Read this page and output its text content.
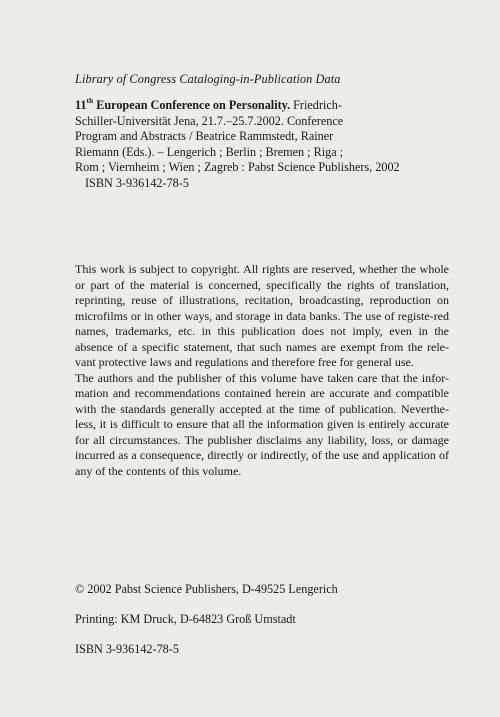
Library of Congress Cataloging-in-Publication Data
11th European Conference on Personality. Friedrich-
Schiller-Universität Jena, 21.7.–25.7.2002. Conference
Program and Abstracts / Beatrice Rammstedt, Rainer
Riemann (Eds.). – Lengerich ; Berlin ; Bremen ; Riga ;
Rom ; Viernheim ; Wien ; Zagreb : Pabst Science Publishers, 2002
ISBN 3-936142-78-5

This work is subject to copyright. All rights are reserved, whether the whole or part of the material is concerned, specifically the rights of translation, reprinting, reuse of illustrations, recitation, broadcasting, reproduction on microfilms or in other ways, and storage in data banks. The use of registe-red names, trademarks, etc. in this publication does not imply, even in the absence of a specific statement, that such names are exempt from the rele-vant protective laws and regulations and therefore free for general use.

The authors and the publisher of this volume have taken care that the infor-mation and recommendations contained herein are accurate and compatible with the standards generally accepted at the time of publication. Neverthe-less, it is difficult to ensure that all the information given is entirely accurate for all circumstances. The publisher disclaims any liability, loss, or damage incurred as a consequence, directly or indirectly, of the use and application of any of the contents of this volume.

© 2002 Pabst Science Publishers, D-49525 Lengerich
Printing: KM Druck, D-64823 Groß Umstadt
ISBN 3-936142-78-5
